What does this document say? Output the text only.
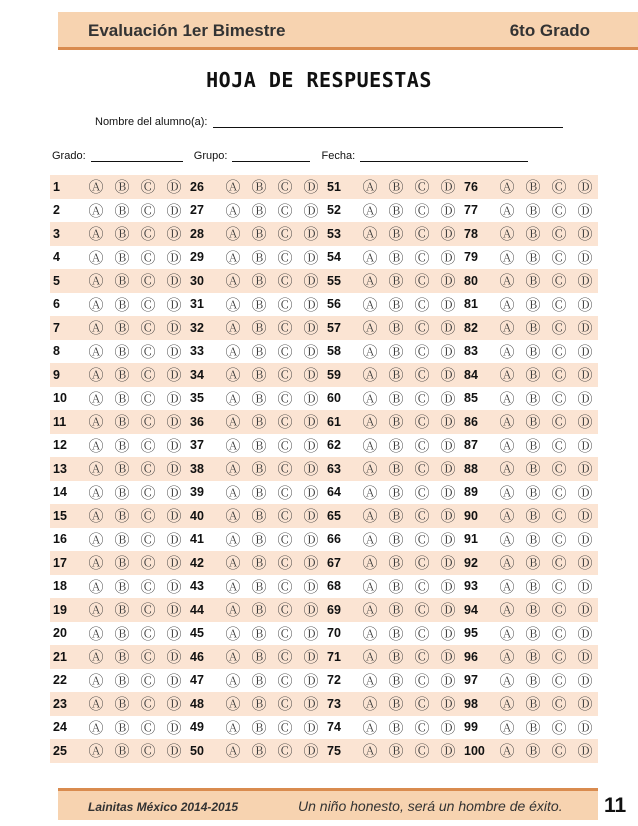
Evaluación 1er Bimestre	6to Grado
HOJA DE RESPUESTAS
Nombre del alumno(a):
Grado:	Grupo:	Fecha:
1	Ⓐ Ⓑ Ⓒ Ⓓ 26	Ⓐ Ⓑ Ⓒ Ⓓ 51	Ⓐ Ⓑ Ⓒ Ⓓ 76	Ⓐ Ⓑ Ⓒ Ⓓ
2	Ⓐ Ⓑ Ⓒ Ⓓ 27	Ⓐ Ⓑ Ⓒ Ⓓ 52	Ⓐ Ⓑ Ⓒ Ⓓ 77	Ⓐ Ⓑ Ⓒ Ⓓ
3	Ⓐ Ⓑ Ⓒ Ⓓ 28	Ⓐ Ⓑ Ⓒ Ⓓ 53	Ⓐ Ⓑ Ⓒ Ⓓ 78	Ⓐ Ⓑ Ⓒ Ⓓ
4	Ⓐ Ⓑ Ⓒ Ⓓ 29	Ⓐ Ⓑ Ⓒ Ⓓ 54	Ⓐ Ⓑ Ⓒ Ⓓ 79	Ⓐ Ⓑ Ⓒ Ⓓ
5	Ⓐ Ⓑ Ⓒ Ⓓ 30	Ⓐ Ⓑ Ⓒ Ⓓ 55	Ⓐ Ⓑ Ⓒ Ⓓ 80	Ⓐ Ⓑ Ⓒ Ⓓ
6	Ⓐ Ⓑ Ⓒ Ⓓ 31	Ⓐ Ⓑ Ⓒ Ⓓ 56	Ⓐ Ⓑ Ⓒ Ⓓ 81	Ⓐ Ⓑ Ⓒ Ⓓ
7	Ⓐ Ⓑ Ⓒ Ⓓ 32	Ⓐ Ⓑ Ⓒ Ⓓ 57	Ⓐ Ⓑ Ⓒ Ⓓ 82	Ⓐ Ⓑ Ⓒ Ⓓ
8	Ⓐ Ⓑ Ⓒ Ⓓ 33	Ⓐ Ⓑ Ⓒ Ⓓ 58	Ⓐ Ⓑ Ⓒ Ⓓ 83	Ⓐ Ⓑ Ⓒ Ⓓ
9	Ⓐ Ⓑ Ⓒ Ⓓ 34	Ⓐ Ⓑ Ⓒ Ⓓ 59	Ⓐ Ⓑ Ⓒ Ⓓ 84	Ⓐ Ⓑ Ⓒ Ⓓ
10	Ⓐ Ⓑ Ⓒ Ⓓ 35	Ⓐ Ⓑ Ⓒ Ⓓ 60	Ⓐ Ⓑ Ⓒ Ⓓ 85	Ⓐ Ⓑ Ⓒ Ⓓ
11	Ⓐ Ⓑ Ⓒ Ⓓ 36	Ⓐ Ⓑ Ⓒ Ⓓ 61	Ⓐ Ⓑ Ⓒ Ⓓ 86	Ⓐ Ⓑ Ⓒ Ⓓ
12	Ⓐ Ⓑ Ⓒ Ⓓ 37	Ⓐ Ⓑ Ⓒ Ⓓ 62	Ⓐ Ⓑ Ⓒ Ⓓ 87	Ⓐ Ⓑ Ⓒ Ⓓ
13	Ⓐ Ⓑ Ⓒ Ⓓ 38	Ⓐ Ⓑ Ⓒ Ⓓ 63	Ⓐ Ⓑ Ⓒ Ⓓ 88	Ⓐ Ⓑ Ⓒ Ⓓ
14	Ⓐ Ⓑ Ⓒ Ⓓ 39	Ⓐ Ⓑ Ⓒ Ⓓ 64	Ⓐ Ⓑ Ⓒ Ⓓ 89	Ⓐ Ⓑ Ⓒ Ⓓ
15	Ⓐ Ⓑ Ⓒ Ⓓ 40	Ⓐ Ⓑ Ⓒ Ⓓ 65	Ⓐ Ⓑ Ⓒ Ⓓ 90	Ⓐ Ⓑ Ⓒ Ⓓ
16	Ⓐ Ⓑ Ⓒ Ⓓ 41	Ⓐ Ⓑ Ⓒ Ⓓ 66	Ⓐ Ⓑ Ⓒ Ⓓ 91	Ⓐ Ⓑ Ⓒ Ⓓ
17	Ⓐ Ⓑ Ⓒ Ⓓ 42	Ⓐ Ⓑ Ⓒ Ⓓ 67	Ⓐ Ⓑ Ⓒ Ⓓ 92	Ⓐ Ⓑ Ⓒ Ⓓ
18	Ⓐ Ⓑ Ⓒ Ⓓ 43	Ⓐ Ⓑ Ⓒ Ⓓ 68	Ⓐ Ⓑ Ⓒ Ⓓ 93	Ⓐ Ⓑ Ⓒ Ⓓ
19	Ⓐ Ⓑ Ⓒ Ⓓ 44	Ⓐ Ⓑ Ⓒ Ⓓ 69	Ⓐ Ⓑ Ⓒ Ⓓ 94	Ⓐ Ⓑ Ⓒ Ⓓ
20	Ⓐ Ⓑ Ⓒ Ⓓ 45	Ⓐ Ⓑ Ⓒ Ⓓ 70	Ⓐ Ⓑ Ⓒ Ⓓ 95	Ⓐ Ⓑ Ⓒ Ⓓ
21	Ⓐ Ⓑ Ⓒ Ⓓ 46	Ⓐ Ⓑ Ⓒ Ⓓ 71	Ⓐ Ⓑ Ⓒ Ⓓ 96	Ⓐ Ⓑ Ⓒ Ⓓ
22	Ⓐ Ⓑ Ⓒ Ⓓ 47	Ⓐ Ⓑ Ⓒ Ⓓ 72	Ⓐ Ⓑ Ⓒ Ⓓ 97	Ⓐ Ⓑ Ⓒ Ⓓ
23	Ⓐ Ⓑ Ⓒ Ⓓ 48	Ⓐ Ⓑ Ⓒ Ⓓ 73	Ⓐ Ⓑ Ⓒ Ⓓ 98	Ⓐ Ⓑ Ⓒ Ⓓ
24	Ⓐ Ⓑ Ⓒ Ⓓ 49	Ⓐ Ⓑ Ⓒ Ⓓ 74	Ⓐ Ⓑ Ⓒ Ⓓ 99	Ⓐ Ⓑ Ⓒ Ⓓ
25	Ⓐ Ⓑ Ⓒ Ⓓ 50	Ⓐ Ⓑ Ⓒ Ⓓ 75	Ⓐ Ⓑ Ⓒ Ⓓ 100 Ⓐ Ⓑ Ⓒ Ⓓ
Lainitas México 2014-2015	Un niño honesto, será un hombre de éxito. 11
